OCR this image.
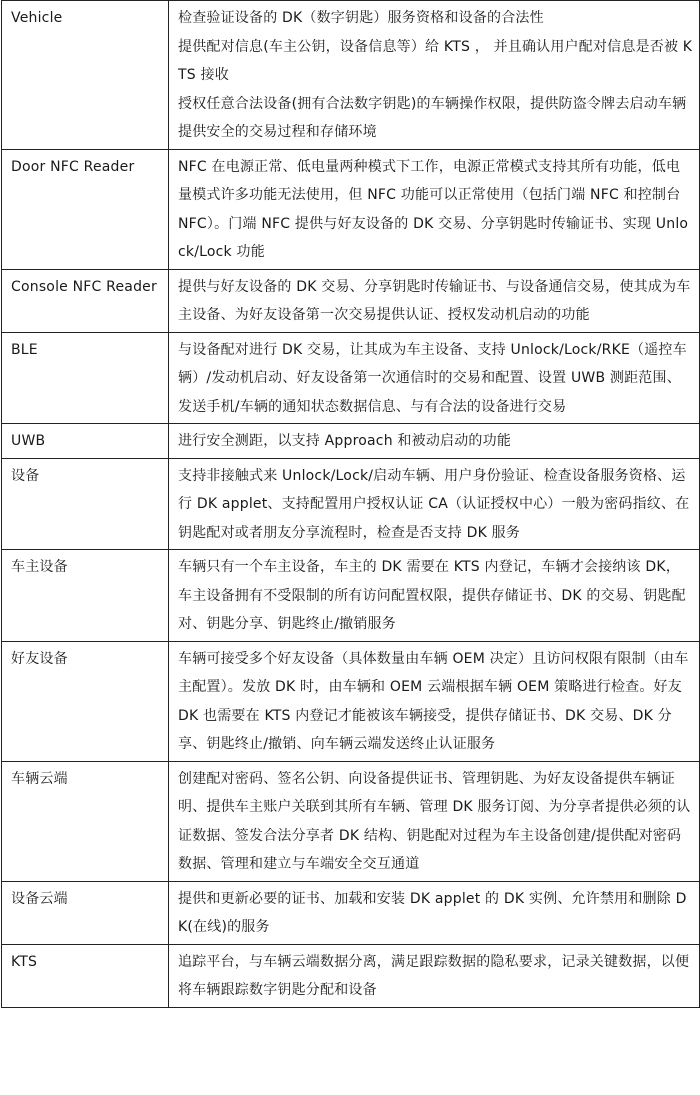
Vehicle	检查验证设备的 DK（数字钥匙）服务资格和设备的合法性
提供配对信息(车主公钥，设备信息等）给 KTS ， 并且确认用户配对信息是否被 KTS 接收
授权任意合法设备(拥有合法数字钥匙)的车辆操作权限，提供防盗令牌去启动车辆
提供安全的交易过程和存储环境

Door NFC Reader	NFC 在电源正常、低电量两种模式下工作，电源正常模式支持其所有功能，低电量模式许多功能无法使用，但 NFC 功能可以正常使用（包括门端 NFC 和控制台 NFC）。门端 NFC 提供与好友设备的 DK 交易、分享钥匙时传输证书、实现 Unlock/Lock 功能

Console NFC Reader	提供与好友设备的 DK 交易、分享钥匙时传输证书、与设备通信交易，使其成为车主设备、为好友设备第一次交易提供认证、授权发动机启动的功能

BLE	与设备配对进行 DK 交易，让其成为车主设备、支持 Unlock/Lock/RKE（遥控车辆）/发动机启动、好友设备第一次通信时的交易和配置、设置 UWB 测距范围、发送手机/车辆的通知状态数据信息、与有合法的设备进行交易

UWB	进行安全测距，以支持 Approach 和被动启动的功能

设备	支持非接触式来 Unlock/Lock/启动车辆、用户身份验证、检查设备服务资格、运行 DK applet、支持配置用户授权认证 CA（认证授权中心）一般为密码指纹、在钥匙配对或者朋友分享流程时，检查是否支持 DK 服务

车主设备	车辆只有一个车主设备，车主的 DK 需要在 KTS 内登记，车辆才会接纳该 DK，车主设备拥有不受限制的所有访问配置权限，提供存储证书、DK 的交易、钥匙配对、钥匙分享、钥匙终止/撤销服务

好友设备	车辆可接受多个好友设备（具体数量由车辆 OEM 决定）且访问权限有限制（由车主配置）。发放 DK 时，由车辆和 OEM 云端根据车辆 OEM 策略进行检查。好友 DK 也需要在 KTS 内登记才能被该车辆接受，提供存储证书、DK 交易、DK 分享、钥匙终止/撤销、向车辆云端发送终止认证服务

车辆云端	创建配对密码、签名公钥、向设备提供证书、管理钥匙、为好友设备提供车辆证明、提供车主账户关联到其所有车辆、管理 DK 服务订阅、为分享者提供必须的认证数据、签发合法分享者 DK 结构、钥匙配对过程为车主设备创建/提供配对密码数据、管理和建立与车端安全交互通道

设备云端	提供和更新必要的证书、加载和安装 DK applet 的 DK 实例、允许禁用和删除 DK(在线)的服务

KTS	追踪平台，与车辆云端数据分离，满足跟踪数据的隐私要求，记录关键数据，以便将车辆跟踪数字钥匙分配和设备
